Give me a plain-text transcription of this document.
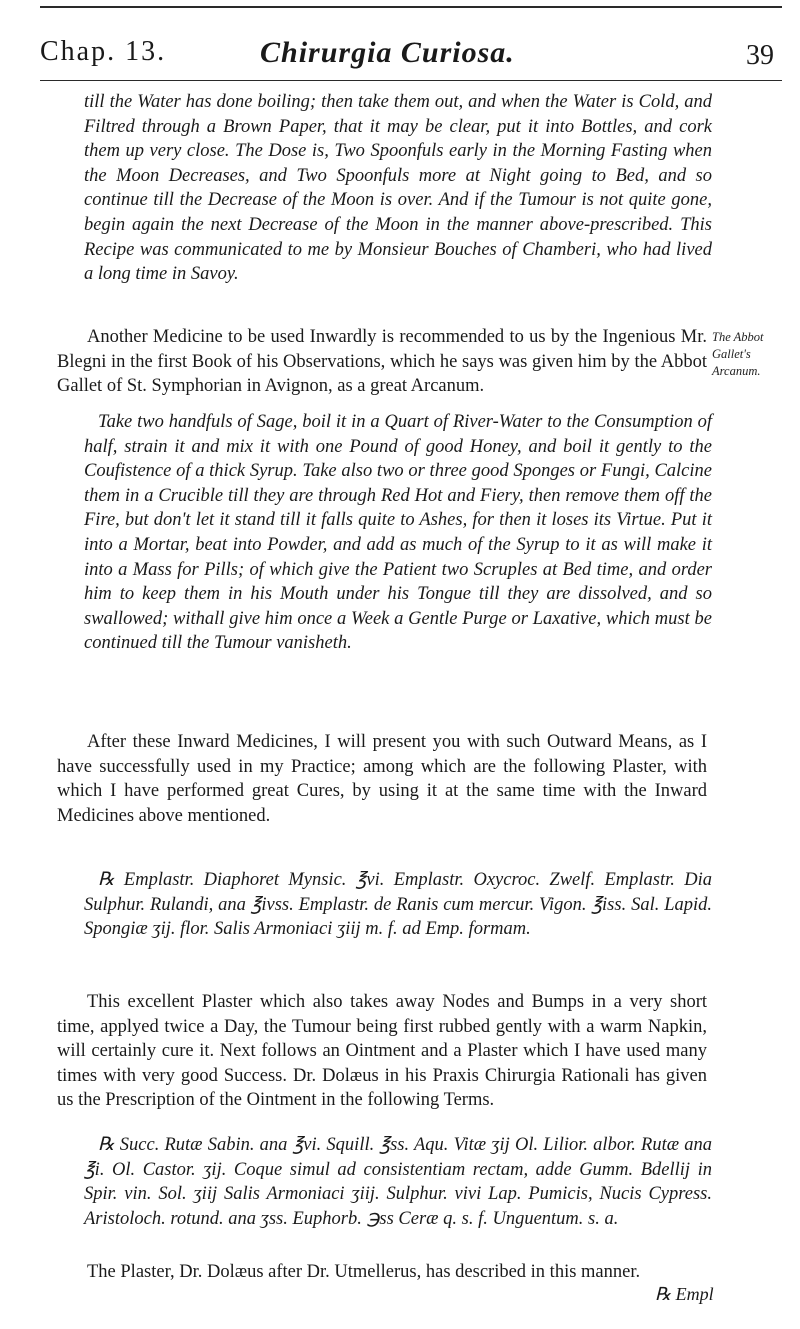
Chap. 13.	Chirurgia Curiosa.	39
till the Water has done boiling; then take them out, and when the Water is Cold, and Filtred through a Brown Paper, that it may be clear, put it into Bottles, and cork them up very close. The Dose is, Two Spoonfuls early in the Morning Fasting when the Moon Decreases, and Two Spoonfuls more at Night going to Bed, and so continue till the Decrease of the Moon is over. And if the Tumour is not quite gone, begin again the next Decrease of the Moon in the manner above-prescribed. This Recipe was communicated to me by Monsieur Bouches of Chamberi, who had lived a long time in Savoy.
Another Medicine to be used Inwardly is recommended to us by the Ingenious Mr. Blegni in the first Book of his Observations, which he says was given him by the Abbot Gallet of St. Symphorian in Avignon, as a great Arcanum.
The Abbot Gallet's Arcanum.
Take two handfuls of Sage, boil it in a Quart of River-Water to the Consumption of half, strain it and mix it with one Pound of good Honey, and boil it gently to the Coufistence of a thick Syrup. Take also two or three good Sponges or Fungi, Calcine them in a Crucible till they are through Red Hot and Fiery, then remove them off the Fire, but don't let it stand till it falls quite to Ashes, for then it loses its Virtue. Put it into a Mortar, beat into Powder, and add as much of the Syrup to it as will make it into a Mass for Pills; of which give the Patient two Scruples at Bed time, and order him to keep them in his Mouth under his Tongue till they are dissolved, and so swallowed; withall give him once a Week a Gentle Purge or Laxative, which must be continued till the Tumour vanisheth.
After these Inward Medicines, I will present you with such Outward Means, as I have successfully used in my Practice; among which are the following Plaster, with which I have performed great Cures, by using it at the same time with the Inward Medicines above mentioned.
℞ Emplastr. Diaphoret Mynsic. ℥vi. Emplastr. Oxycroc. Zwelf. Emplastr. Dia Sulphur. Rulandi, ana ℥ivss. Emplastr. de Ranis cum mercur. Vigon. ℥iss. Sal. Lapid. Spongiæ ʒij. flor. Salis Armoniaci ʒiij m. f. ad Emp. formam.
This excellent Plaster which also takes away Nodes and Bumps in a very short time, applyed twice a Day, the Tumour being first rubbed gently with a warm Napkin, will certainly cure it. Next follows an Ointment and a Plaster which I have used many times with very good Success. Dr. Dolæus in his Praxis Chirurgia Rationali has given us the Prescription of the Ointment in the following Terms.
℞ Succ. Rutæ Sabin. ana ℥vi. Squill. ℥ss. Aqu. Vitæ ʒij Ol. Lilior. albor. Rutæ ana ℥i. Ol. Castor. ʒij. Coque simul ad consistentiam rectam, adde Gumm. Bdellij in Spir. vin. Sol. ʒiij Salis Armoniaci ʒiij. Sulphur. vivi Lap. Pumicis, Nucis Cypress. Aristoloch. rotund. ana ʒss. Euphorb. ℈ss Ceræ q. s. f. Unguentum. s. a.
The Plaster, Dr. Dolæus after Dr. Utmellerus, has described in this manner.
℞ Empl
